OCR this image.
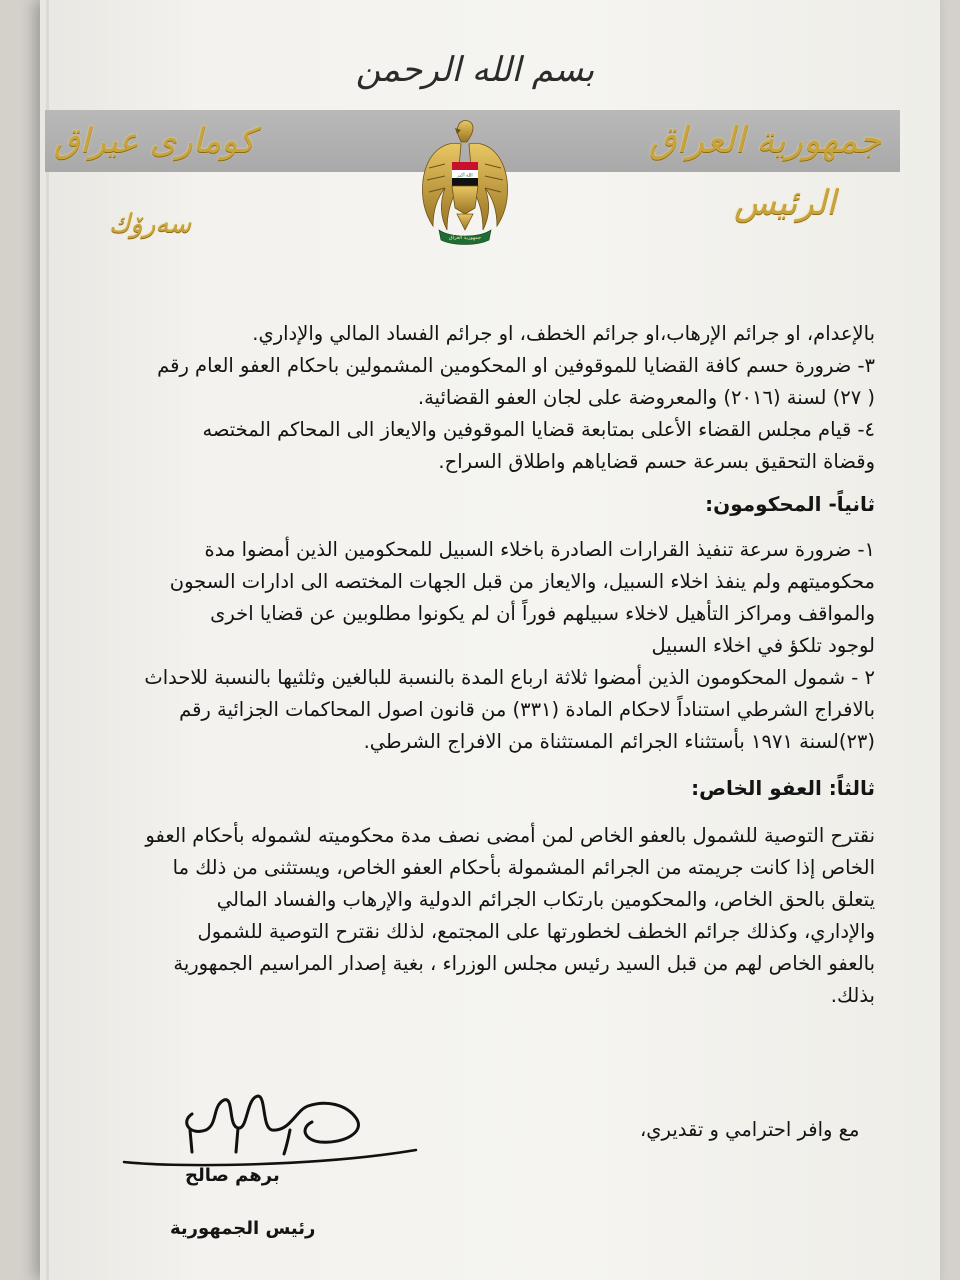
بسم الله الرحمن
جمهورية العراق
كوماری عیراق
الرئيس
سەرۆك
الله أكبر
جمهورية العراق
بالإعدام، او جرائم الإرهاب،او جرائم الخطف، او جرائم الفساد المالي والإداري.
٣- ضرورة حسم كافة القضايا للموقوفين او المحكومين المشمولين باحكام العفو العام رقم
( ٢٧) لسنة (٢٠١٦) والمعروضة على لجان العفو القضائية.
٤- قيام مجلس القضاء الأعلى بمتابعة قضايا الموقوفين والايعاز الى المحاكم المختصه
وقضاة التحقيق بسرعة حسم قضاياهم واطلاق السراح.
ثانياً- المحكومون:
١- ضرورة سرعة تنفيذ القرارات الصادرة باخلاء السبيل للمحكومين الذين أمضوا مدة
محكوميتهم ولم ينفذ اخلاء السبيل، والايعاز من قبل الجهات المختصه الى ادارات السجون
والمواقف ومراكز التأهيل لاخلاء سبيلهم فوراً أن لم يكونوا مطلوبين عن قضايا اخرى
لوجود تلكؤ في اخلاء السبيل
٢ - شمول المحكومون الذين أمضوا ثلاثة ارباع المدة بالنسبة للبالغين وثلثيها بالنسبة للاحداث
بالافراج الشرطي استناداً لاحكام المادة (٣٣١) من قانون اصول المحاكمات الجزائية رقم
(٢٣)لسنة ١٩٧١ بأستثناء الجرائم المستثناة من الافراج الشرطي.
ثالثاً: العفو الخاص:
نقترح التوصية للشمول بالعفو الخاص لمن أمضى نصف مدة محكوميته لشموله بأحكام العفو
الخاص إذا كانت جريمته من الجرائم المشمولة بأحكام العفو الخاص، ويستثنى من ذلك ما
يتعلق بالحق الخاص، والمحكومين بارتكاب الجرائم الدولية والإرهاب والفساد المالي
والإداري، وكذلك جرائم الخطف لخطورتها على المجتمع، لذلك نقترح التوصية للشمول
بالعفو الخاص لهم من قبل السيد رئيس مجلس الوزراء ، بغية إصدار المراسيم الجمهورية
بذلك.
مع وافر احترامي و تقديري،
برهم صالح
رئيس الجمهورية
